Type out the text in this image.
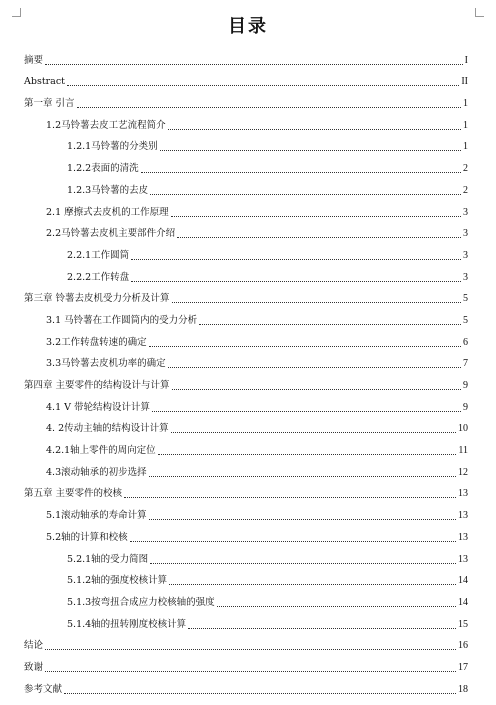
目录
摘要	I
Abstract	II
第一章 引言	1
1.2马铃薯去皮工艺流程简介	1
1.2.1马铃薯的分类别	1
1.2.2表面的清洗	2
1.2.3马铃薯的去皮	2
2.1 摩擦式去皮机的工作原理	3
2.2马铃薯去皮机主要部件介绍	3
2.2.1工作圆筒	3
2.2.2工作转盘	3
第三章 铃薯去皮机受力分析及计算	5
3.1 马铃薯在工作圆筒内的受力分析	5
3.2工作转盘转速的确定	6
3.3马铃薯去皮机功率的确定	7
第四章 主要零件的结构设计与计算	9
4.1 V 带轮结构设计计算	9
4. 2传动主轴的结构设计计算	10
4.2.1轴上零件的周向定位	11
4.3滚动轴承的初步选择	12
第五章 主要零件的校核	13
5.1滚动轴承的寿命计算	13
5.2轴的计算和校核	13
5.2.1轴的受力简图	13
5.1.2轴的强度校核计算	14
5.1.3按弯扭合成应力校核轴的强度	14
5.1.4轴的扭转刚度校核计算	15
结论	16
致谢	17
参考文献	18
